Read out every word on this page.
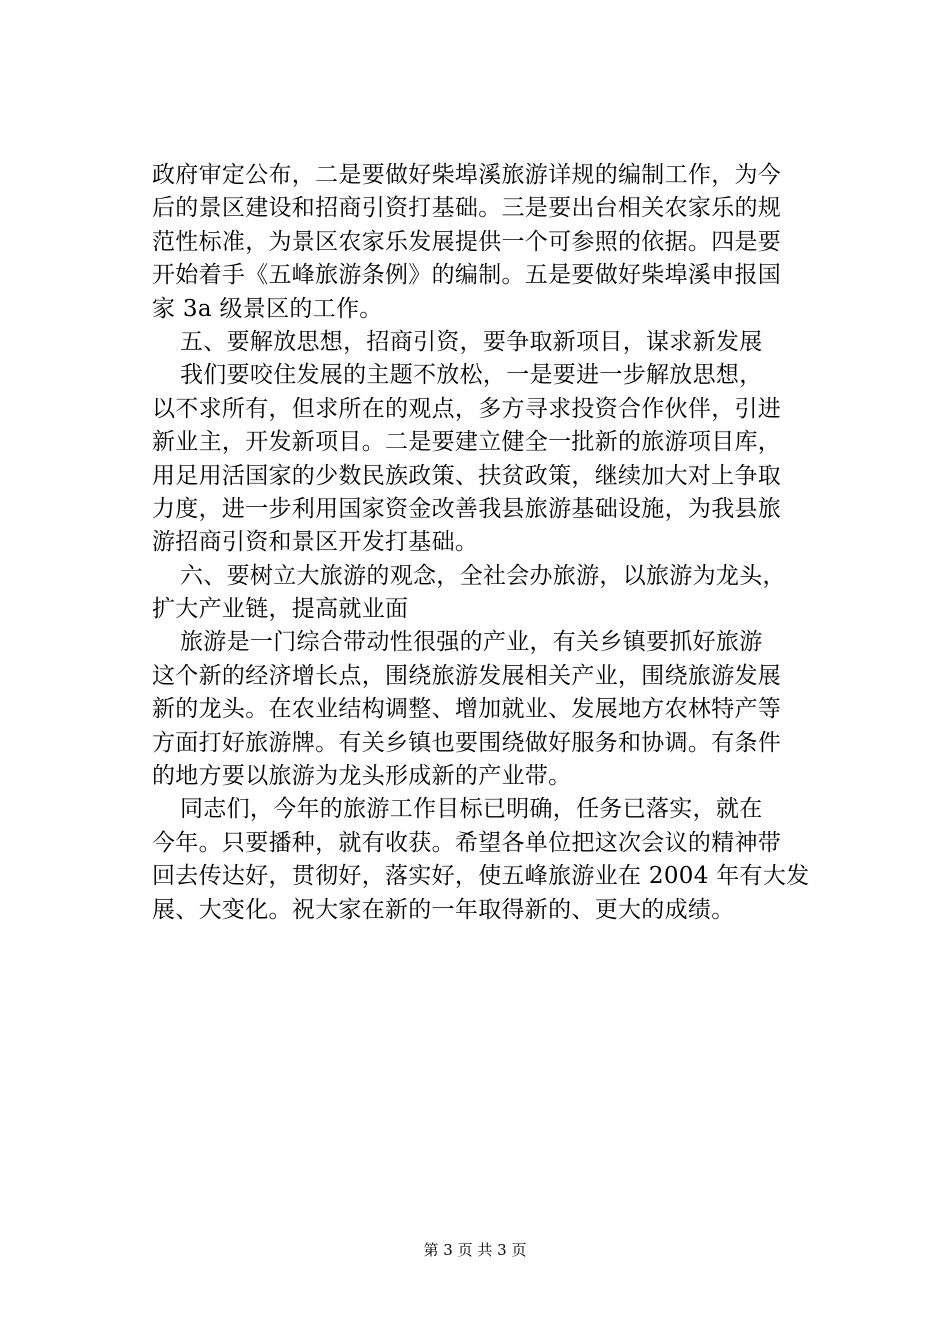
政府审定公布，二是要做好柴埠溪旅游详规的编制工作，为今
后的景区建设和招商引资打基础。三是要出台相关农家乐的规
范性标准，为景区农家乐发展提供一个可参照的依据。四是要
开始着手《五峰旅游条例》的编制。五是要做好柴埠溪申报国
家 3a 级景区的工作。
五、要解放思想，招商引资，要争取新项目，谋求新发展
我们要咬住发展的主题不放松，一是要进一步解放思想，
以不求所有，但求所在的观点，多方寻求投资合作伙伴，引进
新业主，开发新项目。二是要建立健全一批新的旅游项目库，
用足用活国家的少数民族政策、扶贫政策，继续加大对上争取
力度，进一步利用国家资金改善我县旅游基础设施，为我县旅
游招商引资和景区开发打基础。
六、要树立大旅游的观念，全社会办旅游，以旅游为龙头，
扩大产业链，提高就业面
旅游是一门综合带动性很强的产业，有关乡镇要抓好旅游
这个新的经济增长点，围绕旅游发展相关产业，围绕旅游发展
新的龙头。在农业结构调整、增加就业、发展地方农林特产等
方面打好旅游牌。有关乡镇也要围绕做好服务和协调。有条件
的地方要以旅游为龙头形成新的产业带。
同志们，今年的旅游工作目标已明确，任务已落实，就在
今年。只要播种，就有收获。希望各单位把这次会议的精神带
回去传达好，贯彻好，落实好，使五峰旅游业在 2004 年有大发
展、大变化。祝大家在新的一年取得新的、更大的成绩。
第 3 页 共 3 页
